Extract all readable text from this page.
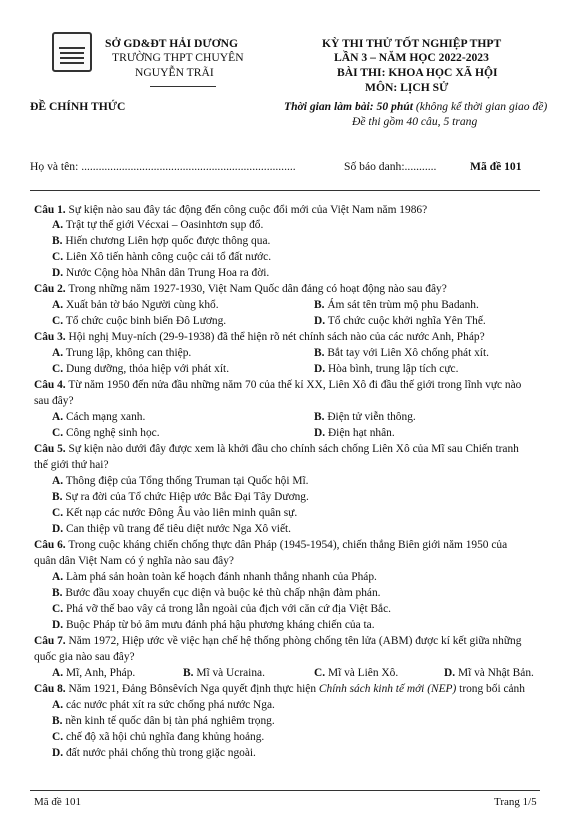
SỞ GD&ĐT HẢI DƯƠNG
TRƯỜNG THPT CHUYÊN
NGUYỄN TRÃI
ĐỀ CHÍNH THỨC
KỲ THI THỬ TỐT NGHIỆP THPT
LẦN 3 – NĂM HỌC 2022-2023
BÀI THI: KHOA HỌC XÃ HỘI
MÔN: LỊCH SỬ
Thời gian làm bài: 50 phút (không kể thời gian giao đề)
Đề thi gồm 40 câu, 5 trang
Họ và tên: ..........................................................................	Số báo danh:...........	Mã đề 101
Câu 1. Sự kiện nào sau đây tác động đến công cuộc đổi mới của Việt Nam năm 1986?
A. Trật tự thế giới Vécxai – Oasinhtơn sụp đổ.
B. Hiến chương Liên hợp quốc được thông qua.
C. Liên Xô tiến hành công cuộc cải tổ đất nước.
D. Nước Cộng hòa Nhân dân Trung Hoa ra đời.
Câu 2. Trong những năm 1927-1930, Việt Nam Quốc dân đảng có hoạt động nào sau đây?
A. Xuất bản tờ báo Người cùng khổ.	B. Ám sát tên trùm mộ phu Badanh.
C. Tổ chức cuộc binh biến Đô Lương.	D. Tổ chức cuộc khởi nghĩa Yên Thế.
Câu 3. Hội nghị Muy-ních (29-9-1938) đã thể hiện rõ nét chính sách nào của các nước Anh, Pháp?
A. Trung lập, không can thiệp.	B. Bắt tay với Liên Xô chống phát xít.
C. Dung dưỡng, thỏa hiệp với phát xít.	D. Hòa bình, trung lập tích cực.
Câu 4. Từ năm 1950 đến nửa đầu những năm 70 của thế kỉ XX, Liên Xô đi đầu thế giới trong lĩnh vực nào
sau đây?
A. Cách mạng xanh.	B. Điện tử viễn thông.
C. Công nghệ sinh học.	D. Điện hạt nhân.
Câu 5. Sự kiện nào dưới đây được xem là khởi đầu cho chính sách chống Liên Xô của Mĩ sau Chiến tranh
thế giới thứ hai?
A. Thông điệp của Tổng thống Truman tại Quốc hội Mĩ.
B. Sự ra đời của Tổ chức Hiệp ước Bắc Đại Tây Dương.
C. Kết nạp các nước Đông Âu vào liên minh quân sự.
D. Can thiệp vũ trang để tiêu diệt nước Nga Xô viết.
Câu 6. Trong cuộc kháng chiến chống thực dân Pháp (1945-1954), chiến thắng Biên giới năm 1950 của
quân dân Việt Nam có ý nghĩa nào sau đây?
A. Làm phá sản hoàn toàn kế hoạch đánh nhanh thắng nhanh của Pháp.
B. Bước đầu xoay chuyển cục diện và buộc kẻ thù chấp nhận đàm phán.
C. Phá vỡ thế bao vây cả trong lẫn ngoài của địch với căn cứ địa Việt Bắc.
D. Buộc Pháp từ bỏ âm mưu đánh phá hậu phương kháng chiến của ta.
Câu 7. Năm 1972, Hiệp ước về việc hạn chế hệ thống phòng chống tên lửa (ABM) được kí kết giữa những
quốc gia nào sau đây?
A. Mĩ, Anh, Pháp.	B. Mĩ và Ucraina.	C. Mĩ và Liên Xô.	D. Mĩ và Nhật Bản.
Câu 8. Năm 1921, Đảng Bônsêvích Nga quyết định thực hiện Chính sách kinh tế mới (NEP) trong bối cảnh
A. các nước phát xít ra sức chống phá nước Nga.
B. nền kinh tế quốc dân bị tàn phá nghiêm trọng.
C. chế độ xã hội chủ nghĩa đang khủng hoảng.
D. đất nước phải chống thù trong giặc ngoài.
Mã đề 101	Trang 1/5
